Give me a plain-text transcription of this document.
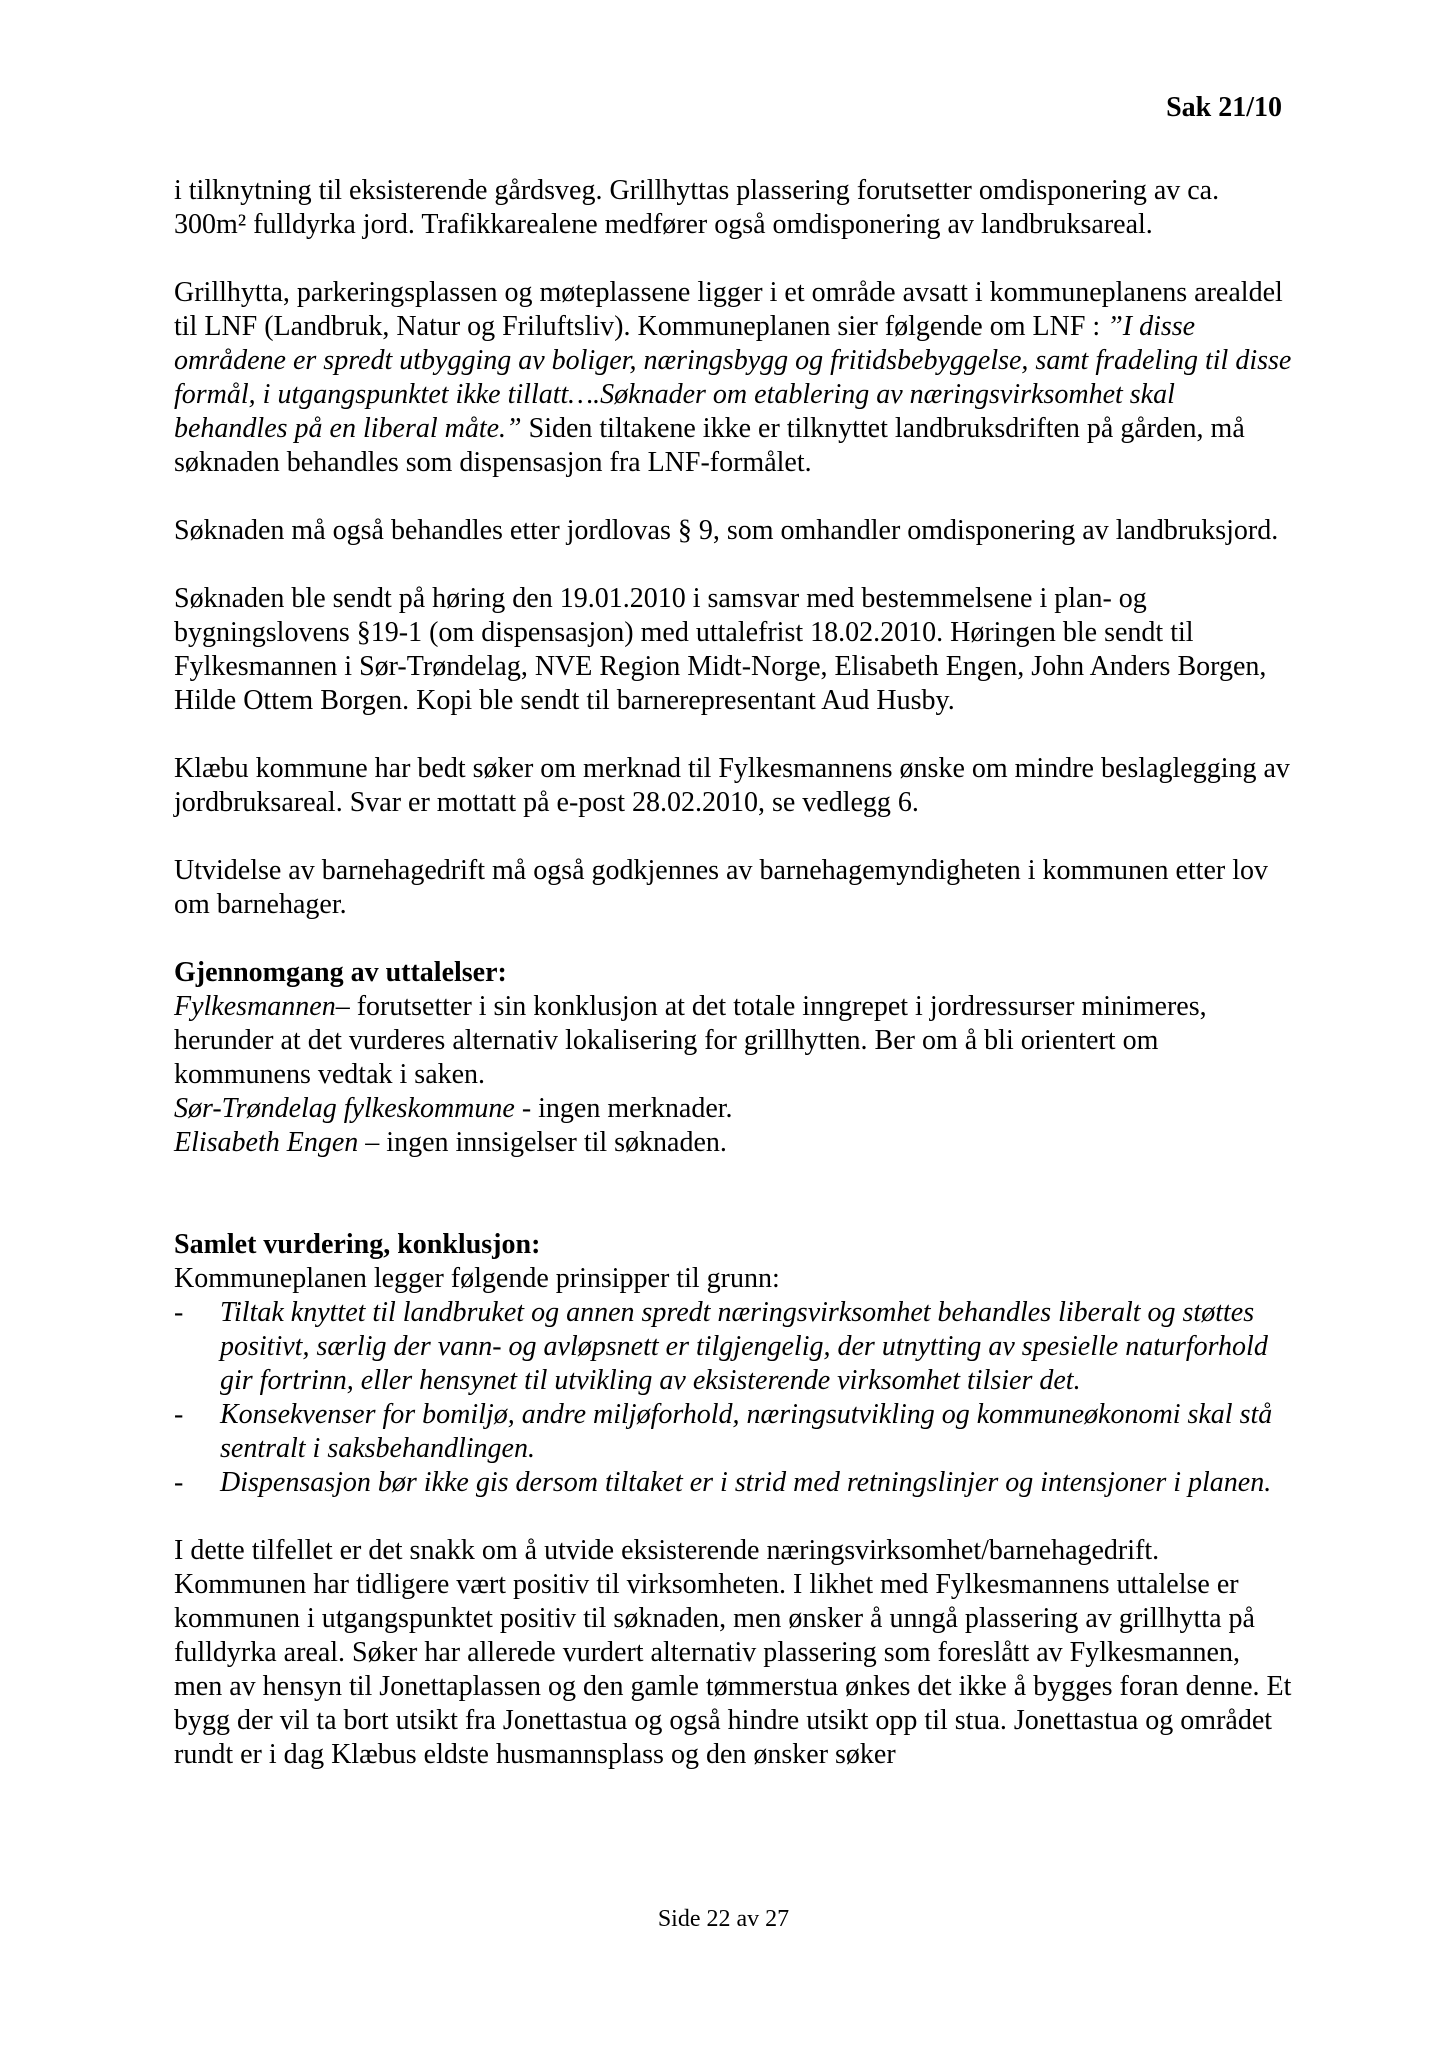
Sak 21/10

i tilknytning til eksisterende gårdsveg. Grillhyttas plassering forutsetter omdisponering av ca. 300m² fulldyrka jord. Trafikkarealene medfører også omdisponering av landbruksareal.

Grillhytta, parkeringsplassen og møteplassene ligger i et område avsatt i kommuneplanens arealdel til LNF (Landbruk, Natur og Friluftsliv). Kommuneplanen sier følgende om LNF : ”I disse områdene er spredt utbygging av boliger, næringsbygg og fritidsbebyggelse, samt fradeling til disse formål, i utgangspunktet ikke tillatt….Søknader om etablering av næringsvirksomhet skal behandles på en liberal måte.” Siden tiltakene ikke er tilknyttet landbruksdriften på gården, må søknaden behandles som dispensasjon fra LNF-formålet.

Søknaden må også behandles etter jordlovas § 9, som omhandler omdisponering av landbruksjord.

Søknaden ble sendt på høring den 19.01.2010 i samsvar med bestemmelsene i plan- og bygningslovens §19-1 (om dispensasjon) med uttalefrist 18.02.2010. Høringen ble sendt til Fylkesmannen i Sør-Trøndelag, NVE Region Midt-Norge, Elisabeth Engen, John Anders Borgen, Hilde Ottem Borgen. Kopi ble sendt til barnerepresentant Aud Husby.

Klæbu kommune har bedt søker om merknad til Fylkesmannens ønske om mindre beslaglegging av jordbruksareal. Svar er mottatt på e-post 28.02.2010, se vedlegg 6.

Utvidelse av barnehagedrift må også godkjennes av barnehagemyndigheten i kommunen etter lov om barnehager.

Gjennomgang av uttalelser:
Fylkesmannen– forutsetter i sin konklusjon at det totale inngrepet i jordressurser minimeres, herunder at det vurderes alternativ lokalisering for grillhytten. Ber om å bli orientert om kommunens vedtak i saken.
Sør-Trøndelag fylkeskommune - ingen merknader.
Elisabeth Engen – ingen innsigelser til søknaden.
Samlet vurdering, konklusjon:
Kommuneplanen legger følgende prinsipper til grunn:
- Tiltak knyttet til landbruket og annen spredt næringsvirksomhet behandles liberalt og støttes positivt, særlig der vann- og avløpsnett er tilgjengelig, der utnytting av spesielle naturforhold gir fortrinn, eller hensynet til utvikling av eksisterende virksomhet tilsier det.
- Konsekvenser for bomiljø, andre miljøforhold, næringsutvikling og kommuneøkonomi skal stå sentralt i saksbehandlingen.
- Dispensasjon bør ikke gis dersom tiltaket er i strid med retningslinjer og intensjoner i planen.

I dette tilfellet er det snakk om å utvide eksisterende næringsvirksomhet/barnehagedrift. Kommunen har tidligere vært positiv til virksomheten. I likhet med Fylkesmannens uttalelse er kommunen i utgangspunktet positiv til søknaden, men ønsker å unngå plassering av grillhytta på fulldyrka areal. Søker har allerede vurdert alternativ plassering som foreslått av Fylkesmannen, men av hensyn til Jonettaplassen og den gamle tømmerstua ønkes det ikke å bygges foran denne. Et bygg der vil ta bort utsikt fra Jonettastua og også hindre utsikt opp til stua. Jonettastua og området rundt er i dag Klæbus eldste husmannsplass og den ønsker søker

Side 22 av 27
